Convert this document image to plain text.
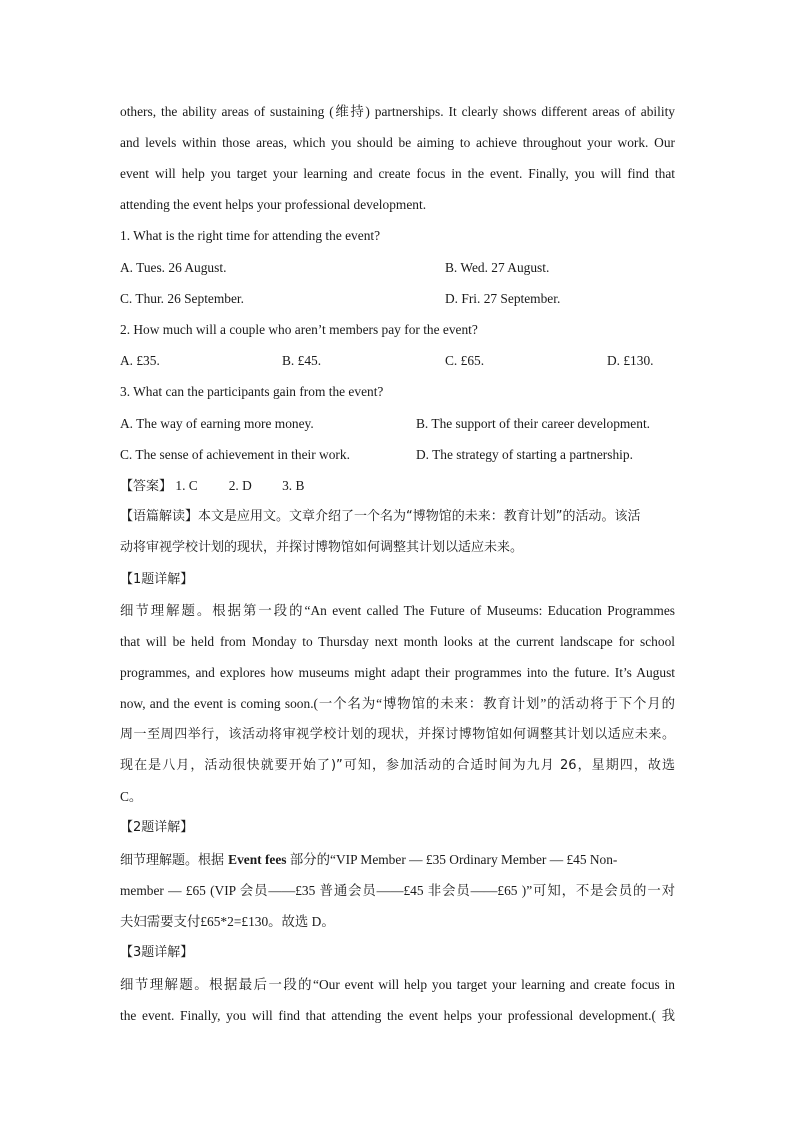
others, the ability areas of sustaining (维持) partnerships. It clearly shows different areas of ability
and levels within those areas, which you should be aiming to achieve throughout your work. Our
event will help you target your learning and create focus in the event. Finally, you will find that
attending the event helps your professional development.
1. What is the right time for attending the event?
A. Tues. 26 August.	B. Wed. 27 August.
C. Thur. 26 September.	D. Fri. 27 September.
2. How much will a couple who aren’t members pay for the event?
A. £35.	B. £45.	C. £65.	D. £130.
3. What can the participants gain from the event?
A. The way of earning more money.	B. The support of their career development.
C. The sense of achievement in their work.	D. The strategy of starting a partnership.
【答案】 1. C 2. D 3. B
【语篇解读】本文是应用文。文章介绍了一个名为“博物馆的未来：教育计划”的活动。该活
动将审视学校计划的现状，并探讨博物馆如何调整其计划以适应未来。
【1题详解】
细节理解题。根据第一段的“An event called The Future of Museums: Education Programmes
that will be held from Monday to Thursday next month looks at the current landscape for school
programmes, and explores how museums might adapt their programmes into the future. It’s August
now, and the event is coming soon.(一个名为“博物馆的未来：教育计划”的活动将于下个月的
周一至周四举行，该活动将审视学校计划的现状，并探讨博物馆如何调整其计划以适应未来。
现在是八月，活动很快就要开始了)”可知，参加活动的合适时间为九月 26，星期四，故选
C。
【2题详解】
细节理解题。根据 Event fees 部分的“VIP Member — £35 Ordinary Member — £45 Non-
member — £65 (VIP 会员——£35 普通会员——£45 非会员——£65 )”可知，不是会员的一对
夫妇需要支付£65*2=£130。故选 D。
【3题详解】
细节理解题。根据最后一段的“Our event will help you target your learning and create focus in
the event. Finally, you will find that attending the event helps your professional development.( 我
